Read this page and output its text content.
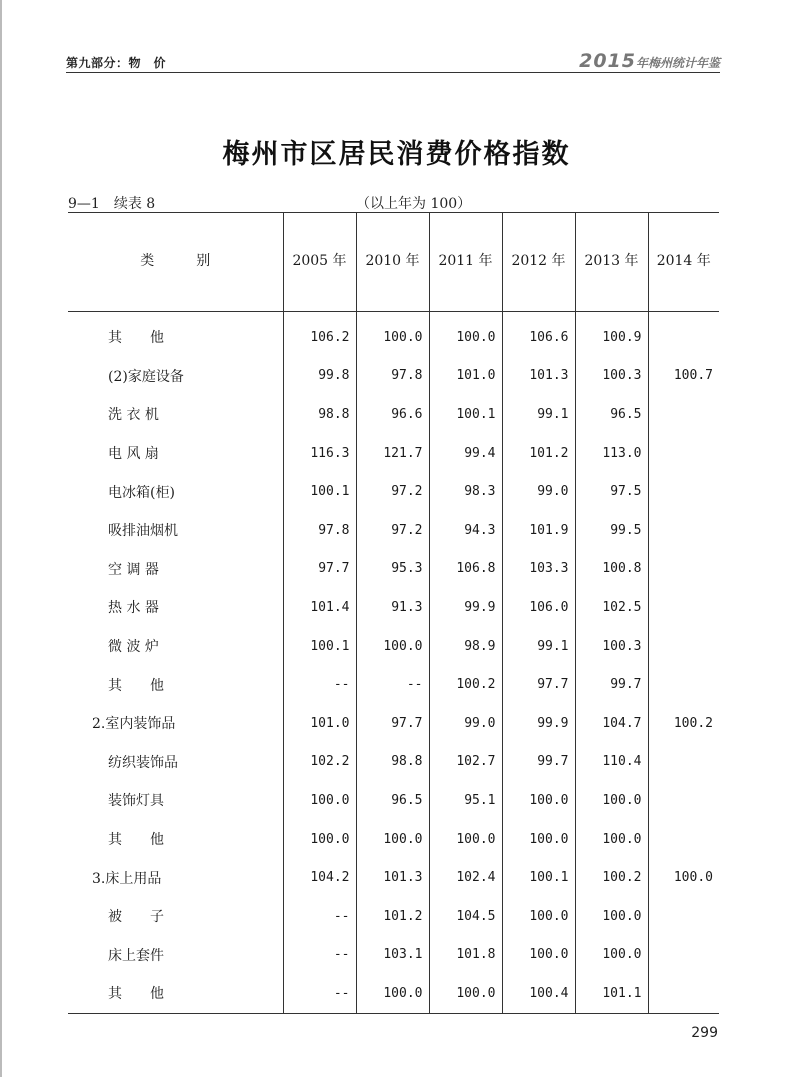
第九部分：物　价	2015年梅州统计年鉴
梅州市区居民消费价格指数
9—1　续表 8	（以上年为 100）
类　　　别	2005 年	2010 年	2011 年	2012 年	2013 年	2014 年
其　　他	106.2	100.0	100.0	106.6	100.9	
(2)家庭设备	99.8	97.8	101.0	101.3	100.3	100.7
洗 衣 机	98.8	96.6	100.1	99.1	96.5	
电 风 扇	116.3	121.7	99.4	101.2	113.0	
电冰箱(柜)	100.1	97.2	98.3	99.0	97.5	
吸排油烟机	97.8	97.2	94.3	101.9	99.5	
空 调 器	97.7	95.3	106.8	103.3	100.8	
热 水 器	101.4	91.3	99.9	106.0	102.5	
微 波 炉	100.1	100.0	98.9	99.1	100.3	
其　　他	--	--	100.2	97.7	99.7	
2.室内装饰品	101.0	97.7	99.0	99.9	104.7	100.2
纺织装饰品	102.2	98.8	102.7	99.7	110.4	
装饰灯具	100.0	96.5	95.1	100.0	100.0	
其　　他	100.0	100.0	100.0	100.0	100.0	
3.床上用品	104.2	101.3	102.4	100.1	100.2	100.0
被　　子	--	101.2	104.5	100.0	100.0	
床上套件	--	103.1	101.8	100.0	100.0	
其　　他	--	100.0	100.0	100.4	101.1	
299
